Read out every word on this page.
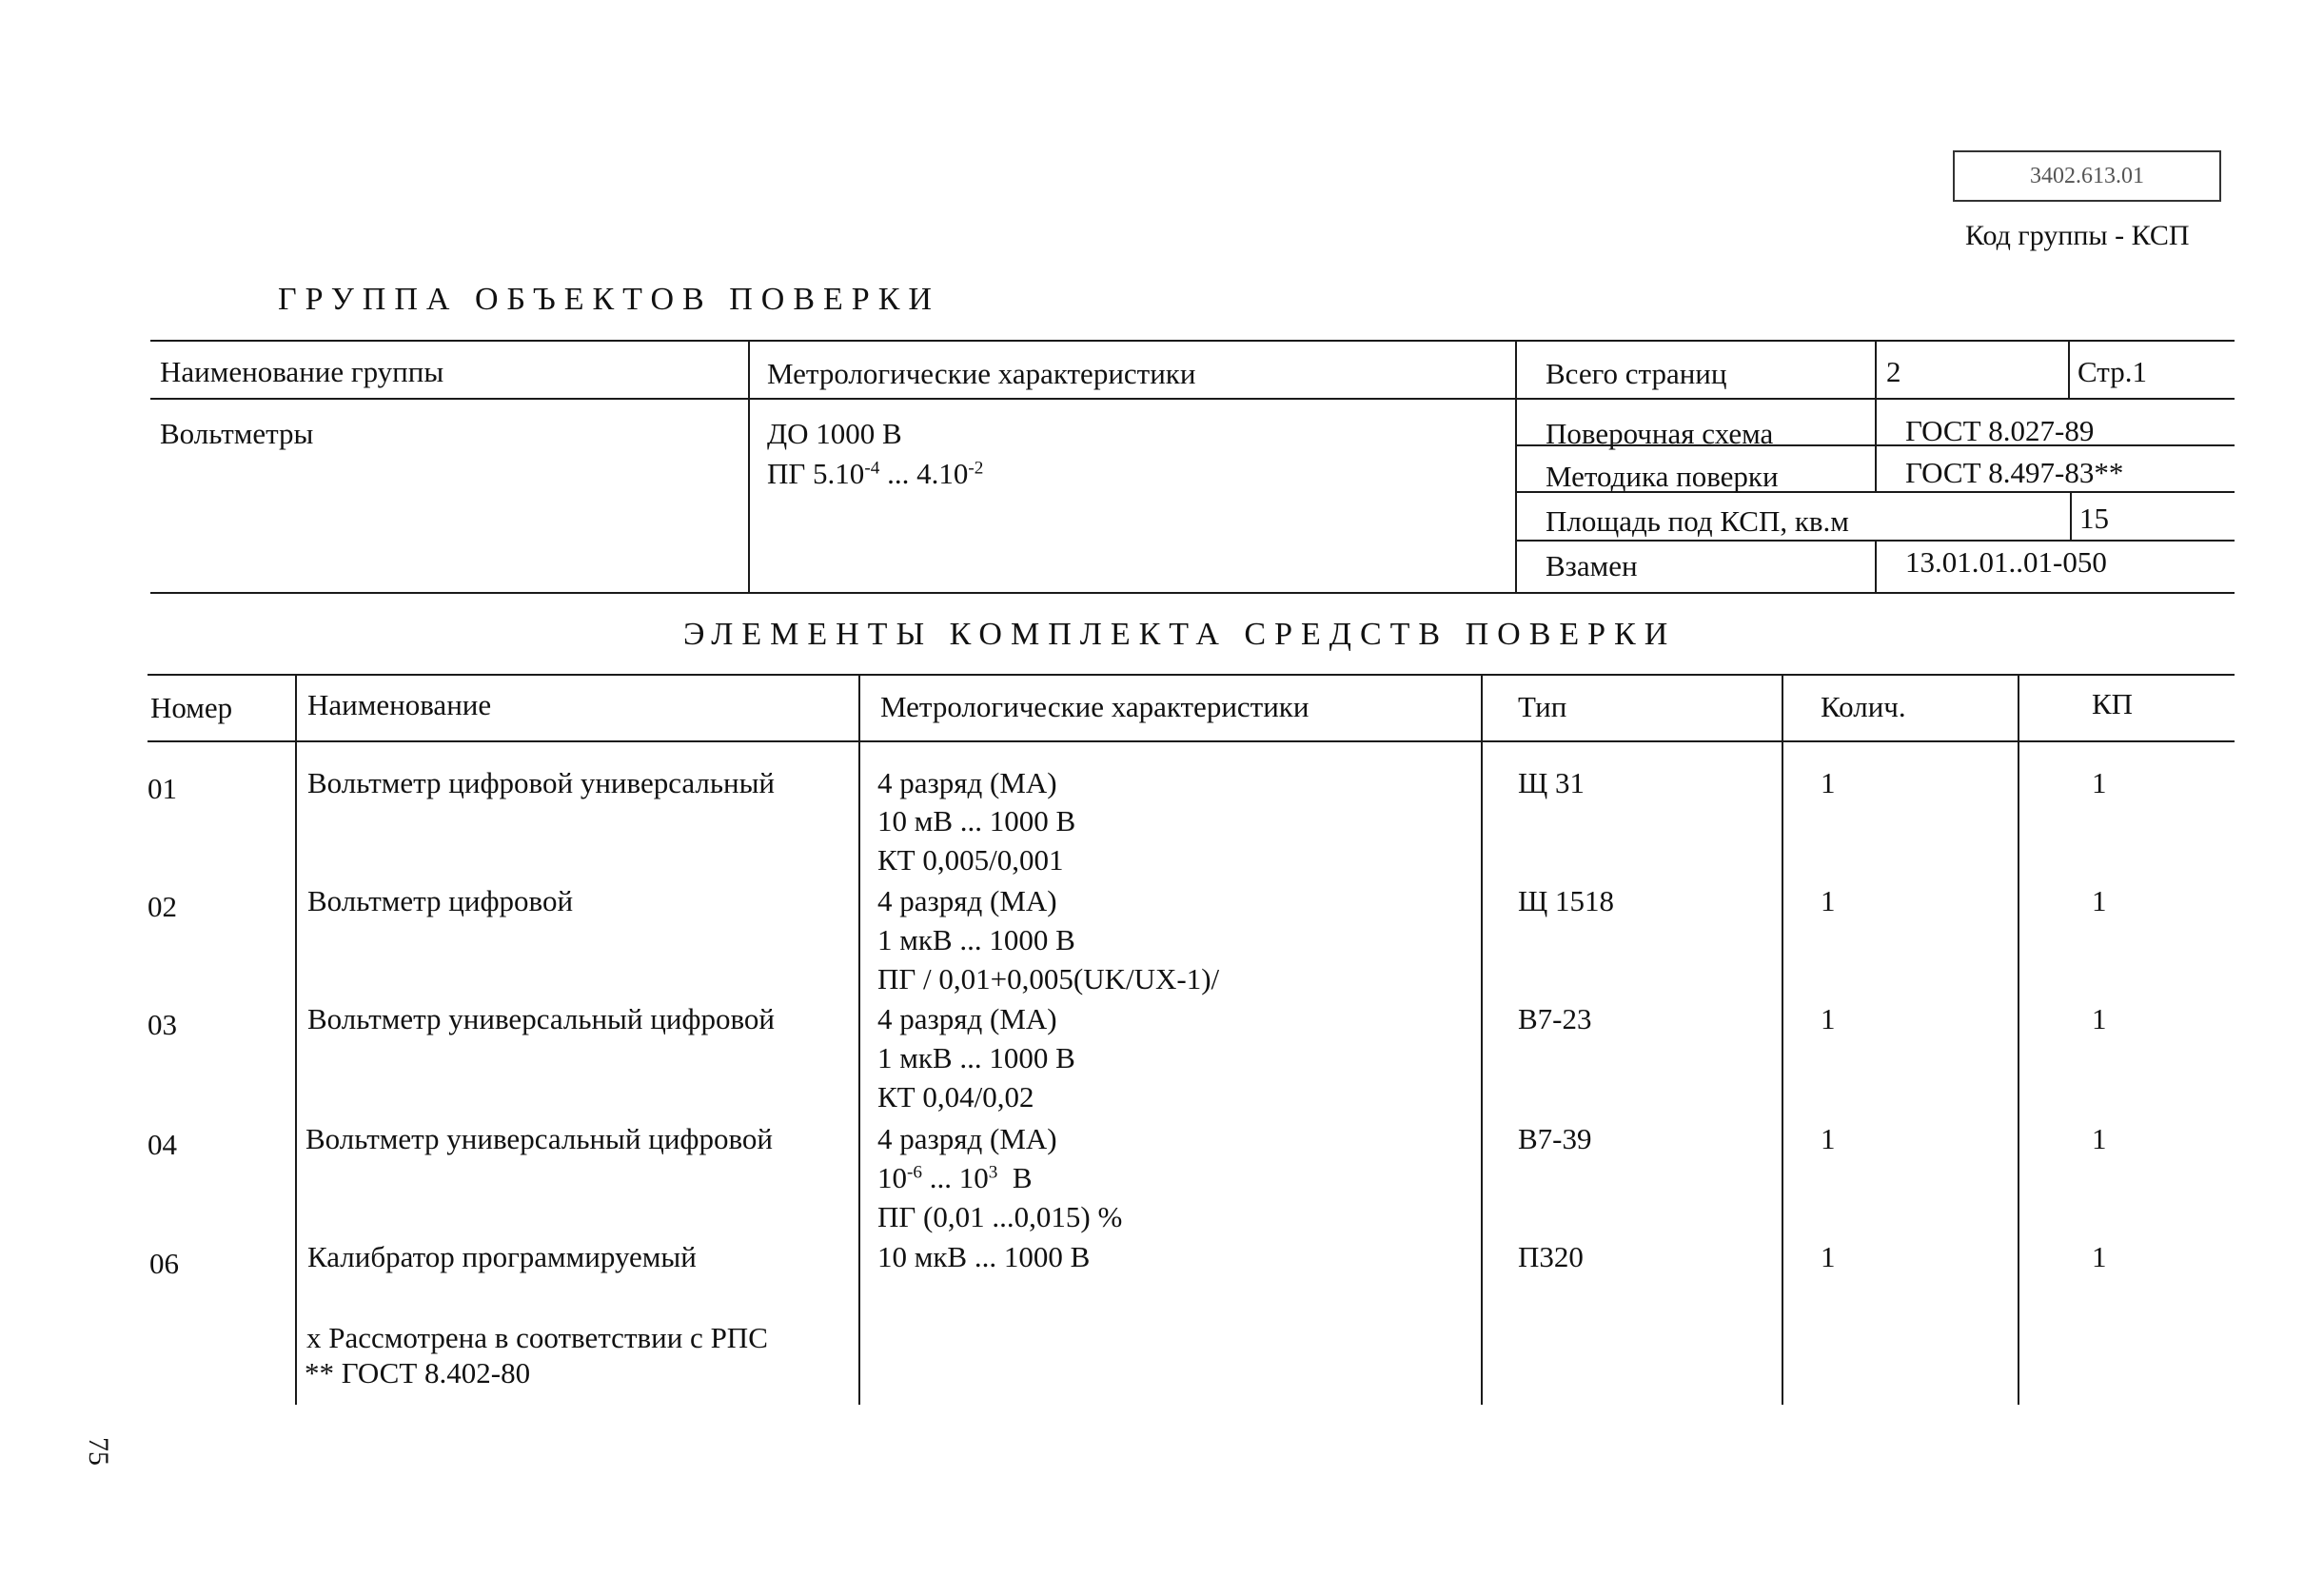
3402.613.01
Код группы - КСП
ГРУППА ОБЪЕКТОВ ПОВЕРКИ
Наименование группы	Метрологические характеристики	Всего страниц	2	Стр.1
Вольтметры	ДО 1000 В
ПГ $5.10^{-4}$ ... $4.10^{-2}$
Поверочная схема	ГОСТ 8.027-89
Методика поверки	ГОСТ 8.497-83**
Площадь под КСП, кв.м	15
Взамен	13.01.01..01-050
ЭЛЕМЕНТЫ КОМПЛЕКТА СРЕДСТВ ПОВЕРКИ
Номер	Наименование	Метрологические характеристики	Тип	Колич.	КП
01	Вольтметр цифровой универсальный	4 разряд (МА)
10 мВ ... 1000 В
КТ 0,005/0,001
Щ 31	1	1
02	Вольтметр цифровой	4 разряд (МА)
1 мкВ ... 1000 В
ПГ / 0,01+0,005(UK/UX-1)/
Щ 1518	1	1
03	Вольтметр универсальный цифровой	4 разряд (МА)
1 мкВ ... 1000 В
КТ 0,04/0,02
В7-23	1	1
04	Вольтметр универсальный цифровой	4 разряд (МА)
$10^{-6}$ ... $10^3$  В
ПГ (0,01 ...0,015) %
В7-39	1	1
06	Калибратор программируемый	10 мкВ ... 1000 В	П320	1	1
х Рассмотрена в соответствии с РПС
** ГОСТ 8.402-80
75
